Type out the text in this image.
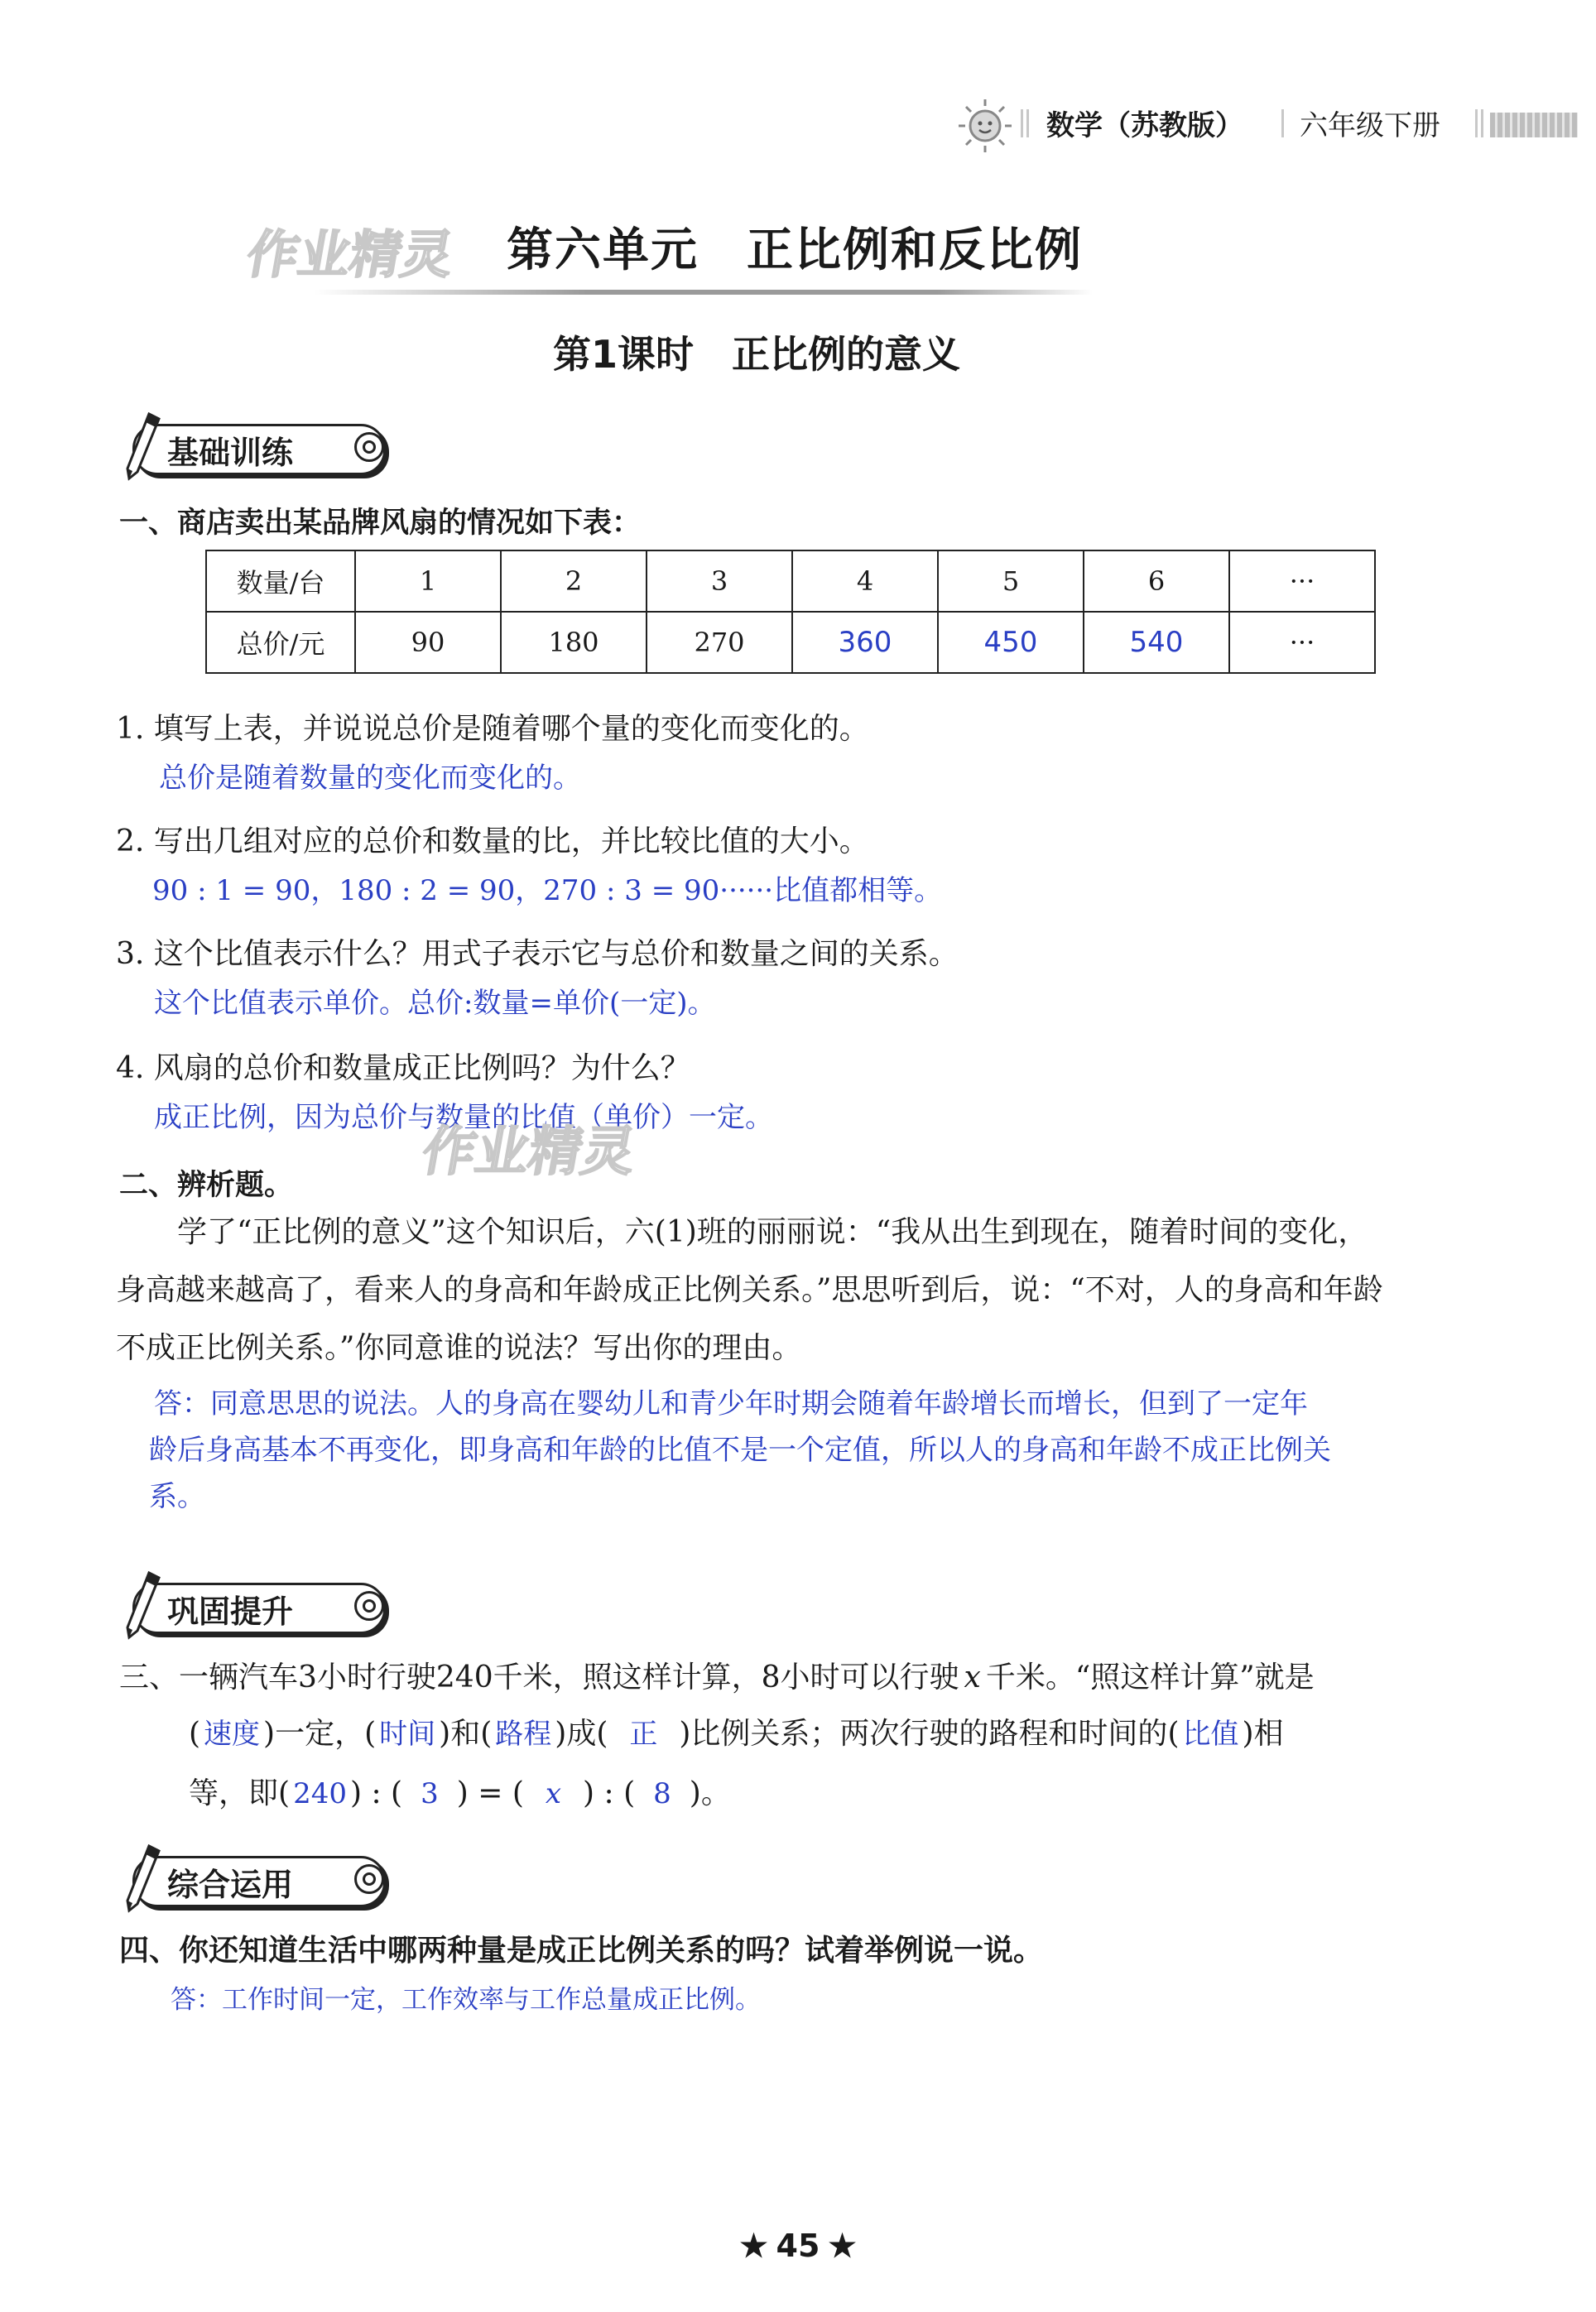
数学（苏教版） 六年级下册
作业精灵 第六单元　正比例和反比例
第1课时　正比例的意义
基础训练
一、商店卖出某品牌风扇的情况如下表：
数量/台	1	2	3	4	5	6	···
总价/元	90	180	270	360	450	540	···
1. 填写上表，并说说总价是随着哪个量的变化而变化的。
总价是随着数量的变化而变化的。
2. 写出几组对应的总价和数量的比，并比较比值的大小。
90 : 1 = 90，180 : 2 = 90，270 : 3 = 90······比值都相等。
3. 这个比值表示什么？用式子表示它与总价和数量之间的关系。
这个比值表示单价。总价:数量=单价(一定)。
4. 风扇的总价和数量成正比例吗？为什么？
成正比例，因为总价与数量的比值（单价）一定。
作业精灵
二、辨析题。
学了“正比例的意义”这个知识后，六(1)班的丽丽说：“我从出生到现在，随着时间的变化，
身高越来越高了，看来人的身高和年龄成正比例关系。”思思听到后，说：“不对，人的身高和年龄
不成正比例关系。”你同意谁的说法？写出你的理由。
答：同意思思的说法。人的身高在婴幼儿和青少年时期会随着年龄增长而增长，但到了一定年
龄后身高基本不再变化，即身高和年龄的比值不是一个定值，所以人的身高和年龄不成正比例关
系。
巩固提升
三、一辆汽车3小时行驶240千米，照这样计算，8小时可以行驶 x 千米。“照这样计算”就是
( 速度 )一定，( 时间 )和( 路程 )成( 正 )比例关系；两次行驶的路程和时间的( 比值 )相
等，即( 240 ) : ( 3 ) = ( x ) : ( 8 )。
综合运用
四、你还知道生活中哪两种量是成正比例关系的吗？试着举例说一说。
答：工作时间一定，工作效率与工作总量成正比例。
★ 45 ★
